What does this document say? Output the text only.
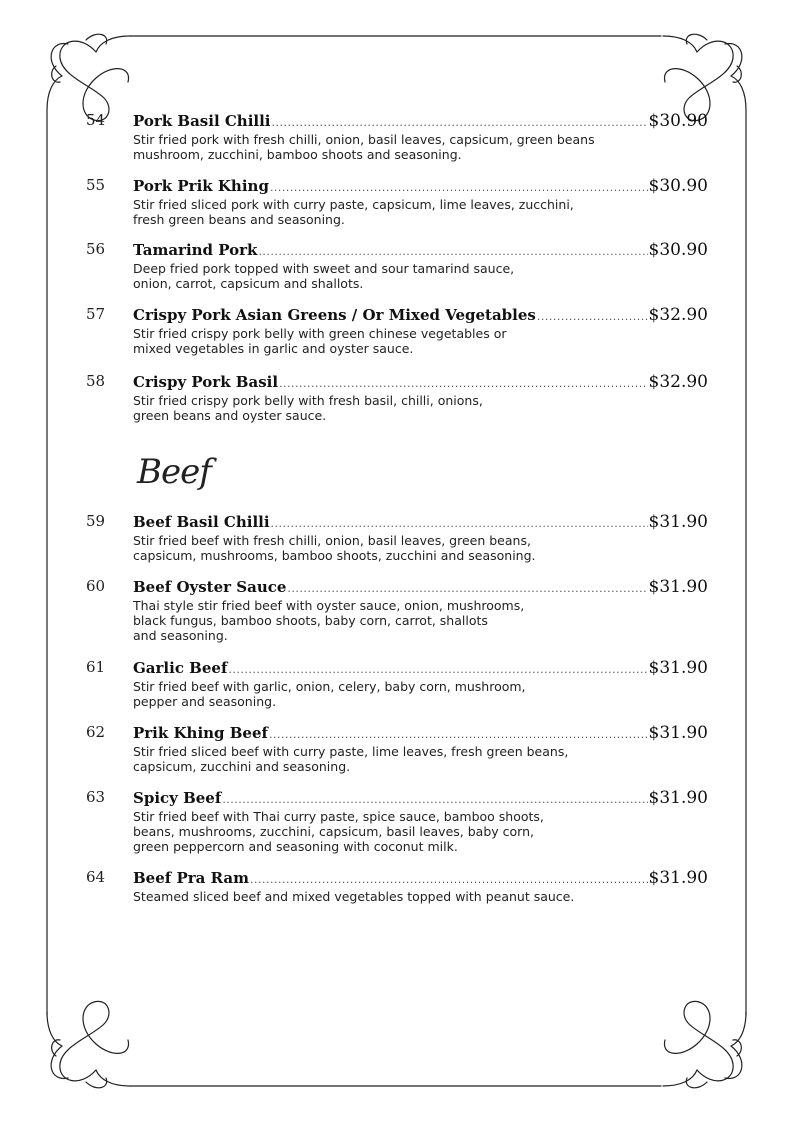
54 Pork Basil Chilli .....	$30.90
Stir fried pork with fresh chilli, onion, basil leaves, capsicum, green beans
mushroom, zucchini, bamboo shoots and seasoning.
55 Pork Prik Khing .....	$30.90
Stir fried sliced pork with curry paste, capsicum, lime leaves, zucchini,
fresh green beans and seasoning.
56 Tamarind Pork .....	$30.90
Deep fried pork topped with sweet and sour tamarind sauce,
onion, carrot, capsicum and shallots.
57 Crispy Pork Asian Greens / Or Mixed Vegetables .....	$32.90
Stir fried crispy pork belly with green chinese vegetables or
mixed vegetables in garlic and oyster sauce.
58 Crispy Pork Basil .....	$32.90
Stir fried crispy pork belly with fresh basil, chilli, onions,
green beans and oyster sauce.
Beef
59 Beef Basil Chilli .....	$31.90
Stir fried beef with fresh chilli, onion, basil leaves, green beans,
capsicum, mushrooms, bamboo shoots, zucchini and seasoning.
60 Beef Oyster Sauce .....	$31.90
Thai style stir fried beef with oyster sauce, onion, mushrooms,
black fungus, bamboo shoots, baby corn, carrot, shallots
and seasoning.
61 Garlic Beef .....	$31.90
Stir fried beef with garlic, onion, celery, baby corn, mushroom,
pepper and seasoning.
62 Prik Khing Beef .....	$31.90
Stir fried sliced beef with curry paste, lime leaves, fresh green beans,
capsicum, zucchini and seasoning.
63 Spicy Beef .....	$31.90
Stir fried beef with Thai curry paste, spice sauce, bamboo shoots,
beans, mushrooms, zucchini, capsicum, basil leaves, baby corn,
green peppercorn and seasoning with coconut milk.
64 Beef Pra Ram .....	$31.90
Steamed sliced beef and mixed vegetables topped with peanut sauce.
